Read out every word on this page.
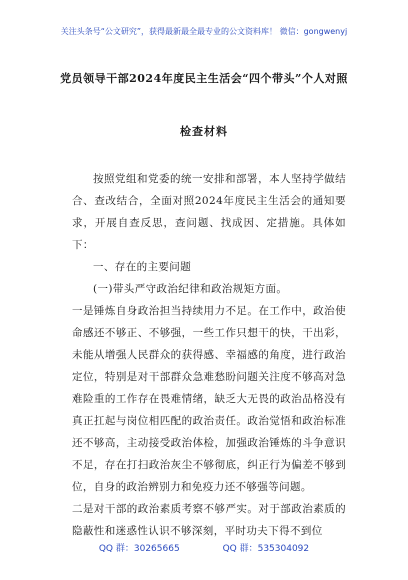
关注头条号“公文研究”，获得最新最全最专业的公文资料库！ 微信：gongwenyj
党员领导干部2024年度民主生活会“四个带头”个人对照
检查材料

按照党组和党委的统一安排和部署，本人坚持学做结合、查改结合，全面对照2024年度民主生活会的通知要求，开展自查反思，查问题、找成因、定措施。具体如下：

一、存在的主要问题

(一)带头严守政治纪律和政治规矩方面。

一是锤炼自身政治担当持续用力不足。在工作中，政治使命感还不够正、不够强，一些工作只想干的快，干出彩，未能从增强人民群众的获得感、幸福感的角度，进行政治定位，特别是对干部群众急难愁盼问题关注度不够高对急难险重的工作存在畏难情绪，缺乏大无畏的政治品格没有真正扛起与岗位相匹配的政治责任。政治觉悟和政治标准还不够高，主动接受政治体检，加强政治锤炼的斗争意识不足，存在打扫政治灰尘不够彻底，纠正行为偏差不够到位，自身的政治辨别力和免疫力还不够强等问题。

二是对干部的政治素质考察不够严实。对于部政治素质的隐蔽性和迷惑性认识不够深刻，平时功夫下得不到位

QQ 群：30265665	QQ 群：535304092
